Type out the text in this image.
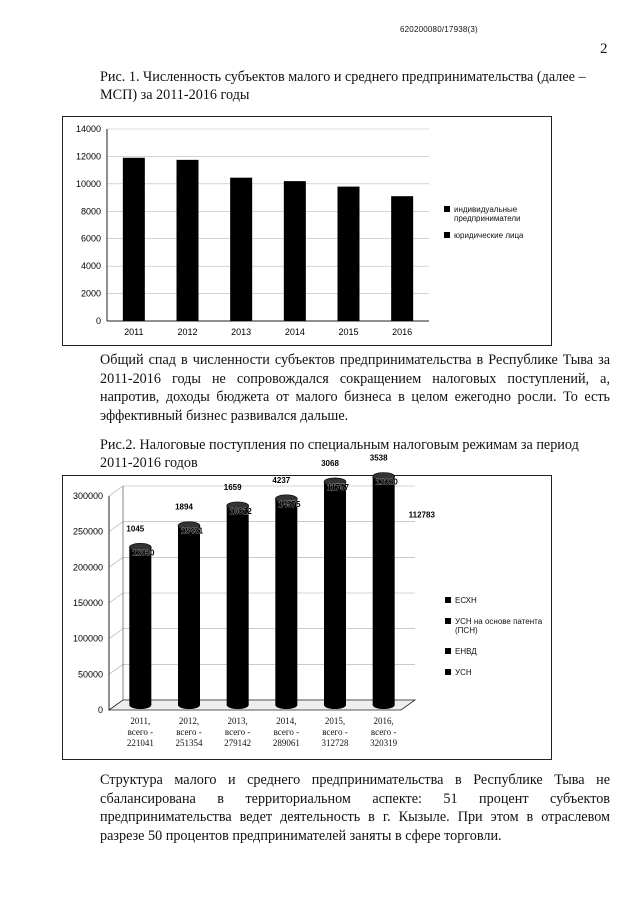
620200080/17938(3)
2
Рис. 1. Численность субъектов малого и среднего предпринимательства (далее – МСП) за 2011-2016 годы
0
2000
4000
6000
8000
10000
12000
14000
2011	2012	2013	2014	2015	2016
1__4	1__0
индивидуальные предприниматели
юридические лица
Общий спад в численности субъектов предпринимательства в Республике Тыва за 2011-2016 годы не сопровождался сокращением налоговых поступлений, а, напротив, доходы бюджета от малого бизнеса в целом ежегодно росли. То есть эффективный бизнес развивался дальше.
Рис.2. Налоговые поступления по специальным налоговым режимам за период 2011-2016 годов
0
50000
100000
150000
200000
250000
300000
1045
12030
1894
15431
1659
16012
4237
14575
3068
11757
3538
12020
112783
ЕСХН
УСН на основе патента (ПСН)
ЕНВД
УСН
2011,
всего -
221041
2012,
всего -
251354
2013,
всего -
279142
2014,
всего -
289061
2015,
всего -
312728
2016,
всего -
320319
Структура малого и среднего предпринимательства в Республике Тыва не сбалансирована в территориальном аспекте: 51 процент субъектов предпринимательства ведет деятельность в г. Кызыле. При этом в отраслевом разрезе 50 процентов предпринимателей заняты в сфере торговли.
